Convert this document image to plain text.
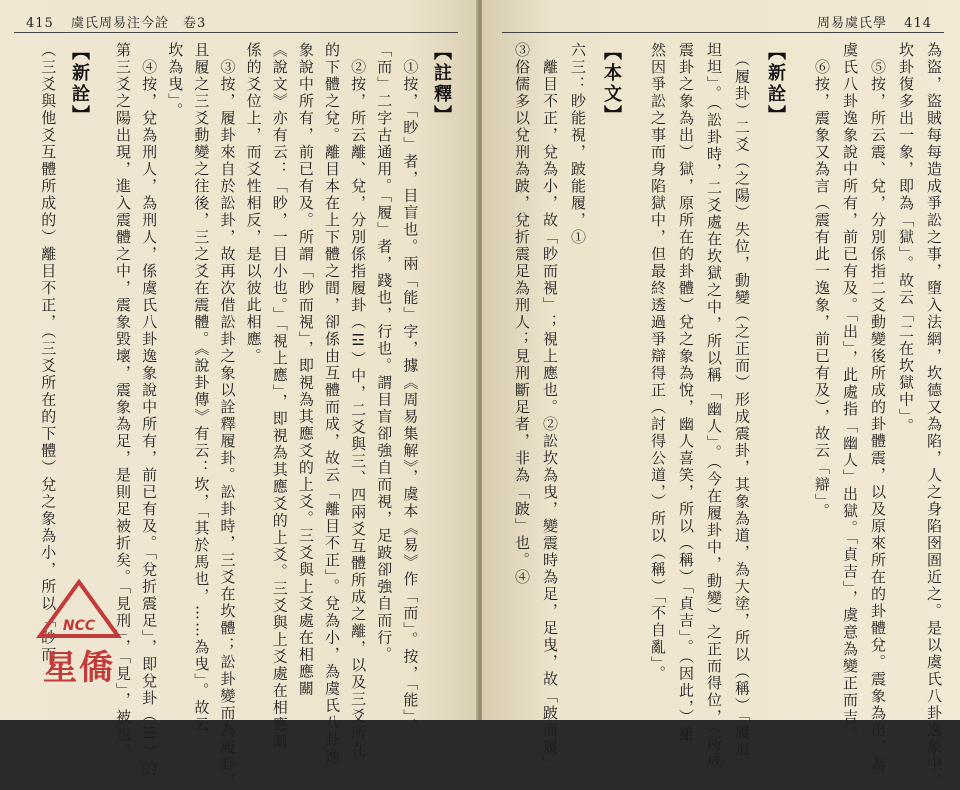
415 虞氏周易注今詮　卷3
【註釋】
　①按，「眇」者，目盲也。兩「能」字，據《周易集解》，虞本《易》作「而」。按，「能」、
「而」二字古通用。「履」者，踐也，行也。謂目盲卻強自而視，足跛卻強自而行。
　②按，所云離、兌，分別係指履卦（☲）中，二爻與三、四兩爻互體所成之離，以及三爻所在
的下體之兌。離目本在上下體之間，卻係由互體而成，故云「離目不正」。兌為小，為虞氏八卦逸
象說中所有，前已有及。所謂「眇而視」，即視為其應爻的上爻。三爻與上爻處在相應關
《說文》亦有云：「眇，一目小也。」「視上應」，即視為其應爻的上爻。三爻與上爻處在相應關
係的爻位上，而爻性相反，是以彼此相應。
　③按，履卦來自於訟卦，故再次借訟卦之象以詮釋履卦。訟卦時，三爻在坎體；訟卦變而為履卦，
且履之三爻動變之往後，三之爻在震體。《說卦傳》有云：坎，「其於馬也，……為曳」。故云
坎為曳」。
　④按，兌為刑人，為刑人，係虞氏八卦逸象說中所有，前已有及。「兌折震足」，即兌卦（☱）的
第三爻之陽出現，進入震體之中，震象毀壞，震象為足，是則足被折矣。「見刑」，「見」，被也。
【新詮】
（三爻與他爻互體所成的）離目不正，（三爻所在的下體）兌之象為小，所以「眇而
　 NCC
星僑
周易虞氏學 414
為盜，盜賊每每造成爭訟之事，墮入法網，坎德又為陷，人之身陷囹圄近之。是以虞氏八卦逸象中，
坎卦復多出一象，即為「獄」。故云「二在坎獄中」。
　⑤按，所云震、兌，分別係指二爻動變後所成的卦體震，以及原來所在的卦體兌。震象為出，為
虞氏八卦逸象說中所有，前已有及。「出」，此處指「幽人」出獄。「貞吉」，虞意為變正而吉。
　⑥按，震象又為言（震有此一逸象，前已有及），故云「辯」。
【新詮】
　（履卦）二爻（之陽）失位，動變（之正而）形成震卦，其象為道，為大塗，所以（稱）「履道
坦坦」。（訟卦時，二爻處在坎獄之中，所以稱「幽人」。（今在履卦中，動變）之正而得位，（所成
震卦之象為出）獄，原所在的卦體）兌之象為悅，幽人喜笑，所以（稱）「貞吉」。（因此，）雖
然因爭訟之事而身陷獄中，但最終透過爭辯得正（討得公道，）所以（稱）「不自亂」。
【本文】
六三：眇能視，跛能履，①
　離目不正，兌為小，故「眇而視」；視上應也。②訟坎為曳，變震時為足，足曳，故「跛而履」
③俗儒多以兌刑為跛，兌折震足為刑人；見刑斷足者，非為「跛」也。④
